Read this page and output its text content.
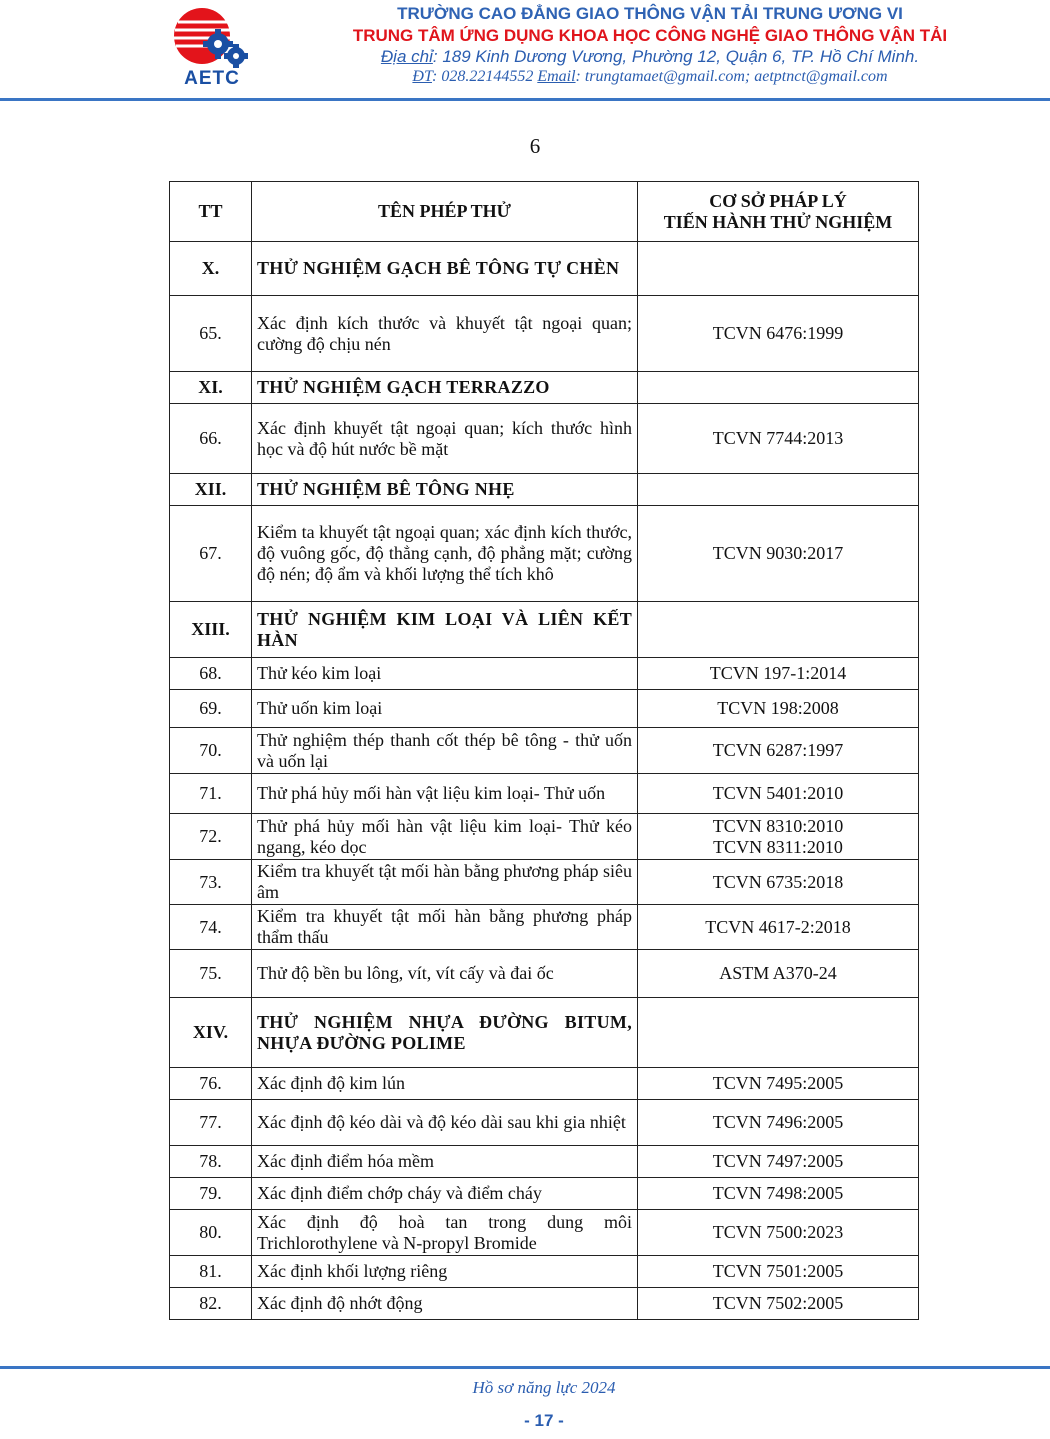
AETC
TRƯỜNG CAO ĐẲNG GIAO THÔNG VẬN TẢI TRUNG ƯƠNG VI
TRUNG TÂM ỨNG DỤNG KHOA HỌC CÔNG NGHỆ GIAO THÔNG VẬN TẢI
Địa chỉ: 189 Kinh Dương Vương, Phường 12, Quận 6, TP. Hồ Chí Minh.
ĐT: 028.22144552 Email: trungtamaet@gmail.com; aetptnct@gmail.com
6
TT	TÊN PHÉP THỬ	CƠ SỞ PHÁP LÝ
TIẾN HÀNH THỬ NGHIỆM
X.	THỬ NGHIỆM GẠCH BÊ TÔNG TỰ CHÈN	

65.	Xác định kích thước và khuyết tật ngoại quan; cường độ chịu nén	TCVN 6476:1999

XI.	THỬ NGHIỆM GẠCH TERRAZZO	

66.	Xác định khuyết tật ngoại quan; kích thước hình học và độ hút nước bề mặt	TCVN 7744:2013

XII.	THỬ NGHIỆM BÊ TÔNG NHẸ	

67.	Kiểm ta khuyết tật ngoại quan; xác định kích thước, độ vuông gốc, độ thẳng cạnh, độ phẳng mặt; cường độ nén; độ ẩm và khối lượng thể tích khô	TCVN 9030:2017

XIII.	THỬ NGHIỆM KIM LOẠI VÀ LIÊN KẾT HÀN	

68.	Thử kéo kim loại	TCVN 197-1:2014

69.	Thử uốn kim loại	TCVN 198:2008

70.	Thử nghiệm thép thanh cốt thép bê tông - thử uốn và uốn lại	TCVN 6287:1997

71.	Thử phá hủy mối hàn vật liệu kim loại- Thử uốn	TCVN 5401:2010

72.	Thử phá hủy mối hàn vật liệu kim loại- Thử kéo ngang, kéo dọc	TCVN 8310:2010
TCVN 8311:2010

73.	Kiểm tra khuyết tật mối hàn bằng phương pháp siêu âm	TCVN 6735:2018

74.	Kiểm tra khuyết tật mối hàn bằng phương pháp thẩm thấu	TCVN 4617-2:2018

75.	Thử độ bền bu lông, vít, vít cấy và đai ốc	ASTM A370-24

XIV.	THỬ NGHIỆM NHỰA ĐƯỜNG BITUM, NHỰA ĐƯỜNG POLIME	

76.	Xác định độ kim lún	TCVN 7495:2005

77.	Xác định độ kéo dài và độ kéo dài sau khi gia nhiệt	TCVN 7496:2005

78.	Xác định điểm hóa mềm	TCVN 7497:2005

79.	Xác định điểm chớp cháy và điểm cháy	TCVN 7498:2005

80.	Xác định độ hoà tan trong dung môi Trichlorothylene và N-propyl Bromide	TCVN 7500:2023

81.	Xác định khối lượng riêng	TCVN 7501:2005

82.	Xác định độ nhớt động	TCVN 7502:2005
Hồ sơ năng lực 2024
- 17 -
